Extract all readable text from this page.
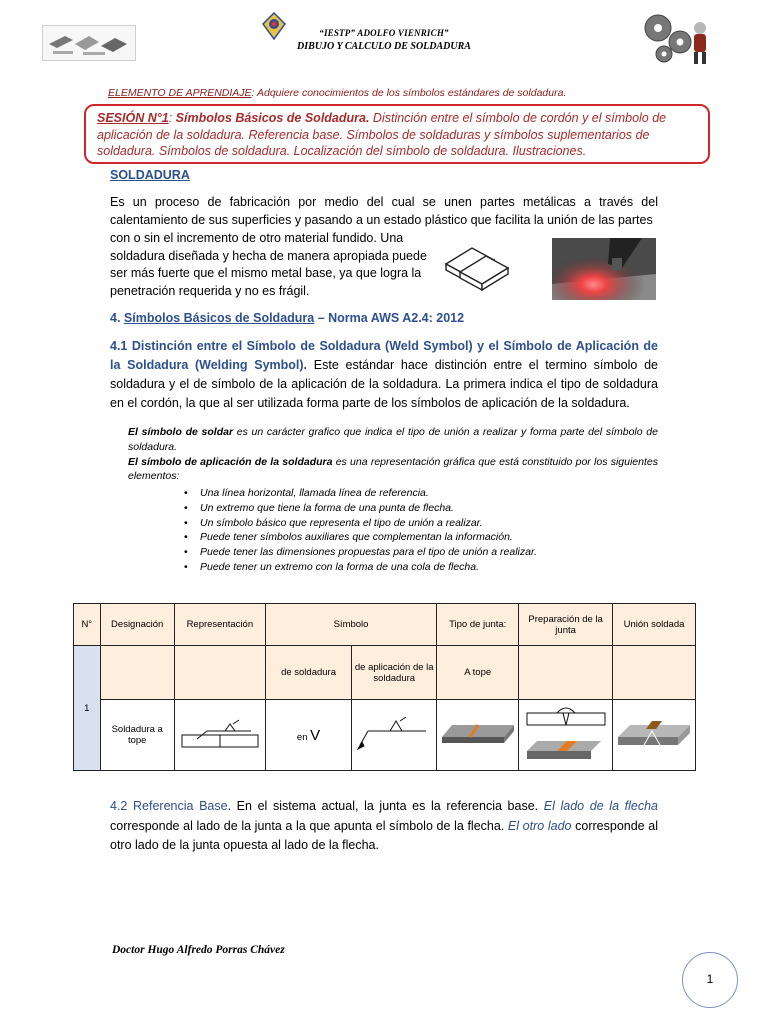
“IESTP” ADOLFO VIENRICH”
DIBUJO Y CALCULO DE SOLDADURA
ELEMENTO DE APRENDIAJE: Adquiere conocimientos de los símbolos estándares de soldadura.
SESIÓN N°1: Símbolos Básicos de Soldadura. Distinción entre el símbolo de cordón y el símbolo de aplicación de la soldadura. Referencia base. Símbolos de soldaduras y símbolos suplementarios de soldadura. Símbolos de soldadura. Localización del símbolo de soldadura. Ilustraciones.
SOLDADURA
Es un proceso de fabricación por medio del cual se unen partes metálicas a través del calentamiento de sus superficies y pasando a un estado plástico que facilita la unión de las partes
con o sin el incremento de otro material fundido. Una soldadura diseñada y hecha de manera apropiada puede ser más fuerte que el mismo metal base, ya que logra la penetración requerida y no es frágil.
4. Símbolos Básicos de Soldadura – Norma AWS A2.4: 2012
4.1 Distinción entre el Símbolo de Soldadura (Weld Symbol) y el Símbolo de Aplicación de la Soldadura (Welding Symbol). Este estándar hace distinción entre el termino símbolo de soldadura y el de símbolo de la aplicación de la soldadura. La primera indica el tipo de soldadura en el cordón, la que al ser utilizada forma parte de los símbolos de aplicación de la soldadura.
El símbolo de soldar es un carácter grafico que indica el tipo de unión a realizar y forma parte del símbolo de soldadura.
El símbolo de aplicación de la soldadura es una representación gráfica que está constituido por los siguientes elementos:
• Una línea horizontal, llamada línea de referencia.
• Un extremo que tiene la forma de una punta de flecha.
• Un símbolo básico que representa el tipo de unión a realizar.
• Puede tener símbolos auxiliares que complementan la información.
• Puede tener las dimensiones propuestas para el tipo de unión a realizar.
• Puede tener un extremo con la forma de una cola de flecha.
N°	Designación	Representación	Símbolo		Tipo de junta:	Preparación de la junta	Unión soldada
1			de soldadura	de aplicación de la soldadura	A tope		
	Soldadura a tope		en V				
4.2 Referencia Base. En el sistema actual, la junta es la referencia base. El lado de la flecha corresponde al lado de la junta a la que apunta el símbolo de la flecha. El otro lado corresponde al otro lado de la junta opuesta al lado de la flecha.
Doctor Hugo Alfredo Porras Chávez
1
